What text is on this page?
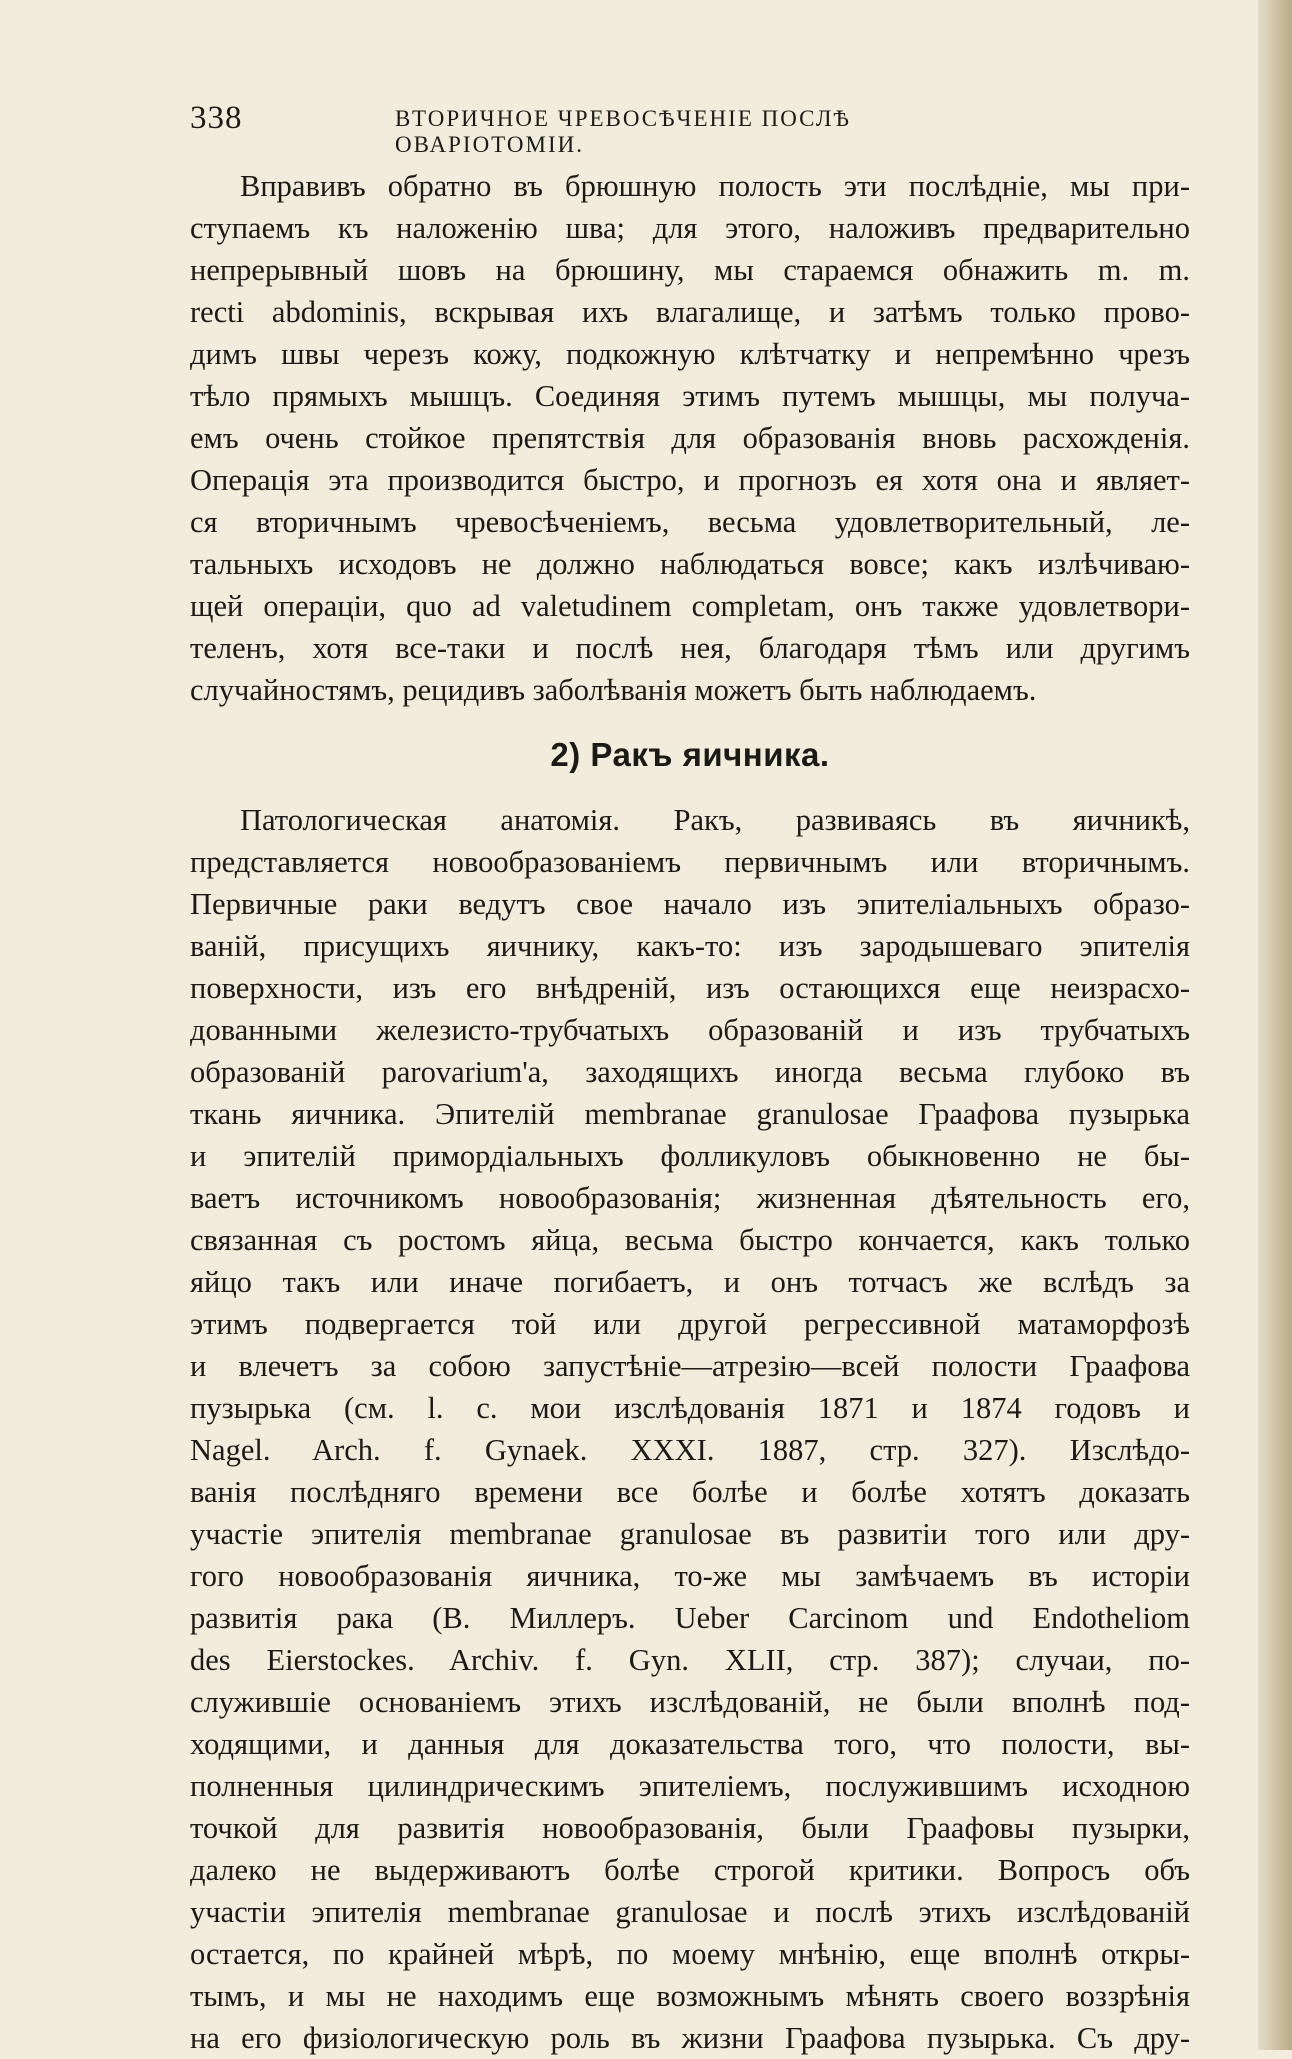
338	ВТОРИЧНОЕ ЧРЕВОСѢЧЕНІЕ ПОСЛѢ ОВАРІОТОМІИ.
Вправивъ обратно въ брюшную полость эти послѣдніе, мы при-
ступаемъ къ наложенію шва; для этого, наложивъ предварительно
непрерывный шовъ на брюшину, мы стараемся обнажить m. m.
recti abdominis, вскрывая ихъ влагалище, и затѣмъ только прово-
димъ швы черезъ кожу, подкожную клѣтчатку и непремѣнно чрезъ
тѣло прямыхъ мышцъ. Соединяя этимъ путемъ мышцы, мы получа-
емъ очень стойкое препятствія для образованія вновь расхожденія.
Операція эта производится быстро, и прогнозъ ея хотя она и являет-
ся вторичнымъ чревосѣченіемъ, весьма удовлетворительный, ле-
тальныхъ исходовъ не должно наблюдаться вовсе; какъ излѣчиваю-
щей операціи, quo ad valetudinem completam, онъ также удовлетвори-
теленъ, хотя все-таки и послѣ нея, благодаря тѣмъ или другимъ
случайностямъ, рецидивъ заболѣванія можетъ быть наблюдаемъ.
2) Ракъ яичника.
Патологическая анатомія. Ракъ, развиваясь въ яичникѣ,
представляется новообразованіемъ первичнымъ или вторичнымъ.
Первичные раки ведутъ свое начало изъ эпителіальныхъ образо-
ваній, присущихъ яичнику, какъ-то: изъ зародышеваго эпителія
поверхности, изъ его внѣдреній, изъ остающихся еще неизрасхо-
дованными железисто-трубчатыхъ образованій и изъ трубчатыхъ
образованій parovarium'а, заходящихъ иногда весьма глубоко въ
ткань яичника. Эпителій membranae granulosae Граафова пузырька
и эпителій примордіальныхъ фолликуловъ обыкновенно не бы-
ваетъ источникомъ новообразованія; жизненная дѣятельность его,
связанная съ ростомъ яйца, весьма быстро кончается, какъ только
яйцо такъ или иначе погибаетъ, и онъ тотчасъ же вслѣдъ за
этимъ подвергается той или другой регрессивной матаморфозѣ
и влечетъ за собою запустѣніе—атрезію—всей полости Граафова
пузырька (см. l. c. мои изслѣдованія 1871 и 1874 годовъ и
Nagel. Arch. f. Gynaek. XXXI. 1887, стр. 327). Изслѣдо-
ванія послѣдняго времени все болѣе и болѣе хотятъ доказать
участіе эпителія membranae granulosae въ развитіи того или дру-
гого новообразованія яичника, то-же мы замѣчаемъ въ исторіи
развитія рака (В. Миллеръ. Ueber Carcinom und Endotheliom
des Eierstockes. Archiv. f. Gyn. XLII, стр. 387); случаи, по-
служившіе основаніемъ этихъ изслѣдованій, не были вполнѣ под-
ходящими, и данныя для доказательства того, что полости, вы-
полненныя цилиндрическимъ эпителіемъ, послужившимъ исходною
точкой для развитія новообразованія, были Граафовы пузырки,
далеко не выдерживаютъ болѣе строгой критики. Вопросъ объ
участіи эпителія membranae granulosae и послѣ этихъ изслѣдованій
остается, по крайней мѣрѣ, по моему мнѣнію, еще вполнѣ откры-
тымъ, и мы не находимъ еще возможнымъ мѣнять своего воззрѣнія
на его физіологическую роль въ жизни Граафова пузырька. Съ дру-
